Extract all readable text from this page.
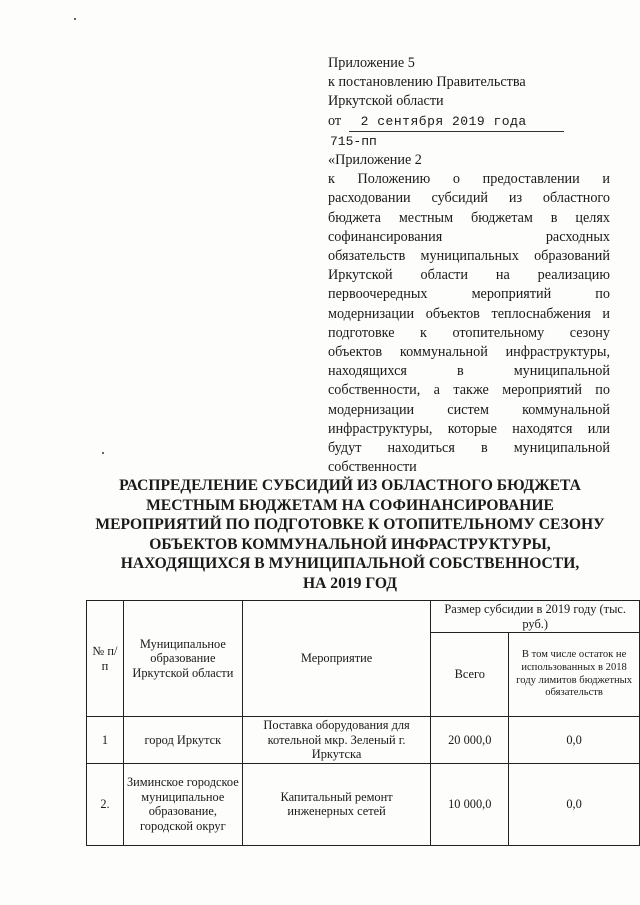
Приложение 5
к постановлению Правительства
Иркутской области
от 2 сентября 2019 года
715-пп
«Приложение 2
к Положению о предоставлении и
расходовании субсидий из областного
бюджета местным бюджетам в целях
софинансирования расходных
обязательств муниципальных образований
Иркутской области на реализацию
первоочередных мероприятий по
модернизации объектов теплоснабжения и
подготовке к отопительному сезону
объектов коммунальной инфраструктуры,
находящихся в муниципальной
собственности, а также мероприятий по
модернизации систем коммунальной
инфраструктуры, которые находятся или
будут находиться в муниципальной
собственности
РАСПРЕДЕЛЕНИЕ СУБСИДИЙ ИЗ ОБЛАСТНОГО БЮДЖЕТА
МЕСТНЫМ БЮДЖЕТАМ НА СОФИНАНСИРОВАНИЕ
МЕРОПРИЯТИЙ ПО ПОДГОТОВКЕ К ОТОПИТЕЛЬНОМУ СЕЗОНУ
ОБЪЕКТОВ КОММУНАЛЬНОЙ ИНФРАСТРУКТУРЫ,
НАХОДЯЩИХСЯ В МУНИЦИПАЛЬНОЙ СОБСТВЕННОСТИ,
НА 2019 ГОД
№ п/п	Муниципальное образование Иркутской области	Мероприятие	Размер субсидии в 2019 году (тыс. руб.)	
			Всего	В том числе остаток не использованных в 2018 году лимитов бюджетных обязательств
1	город Иркутск	Поставка оборудования для котельной мкр. Зеленый г. Иркутска	20 000,0	0,0
2.	Зиминское городское муниципальное образование, городской округ	Капитальный ремонт инженерных сетей	10 000,0	0,0
